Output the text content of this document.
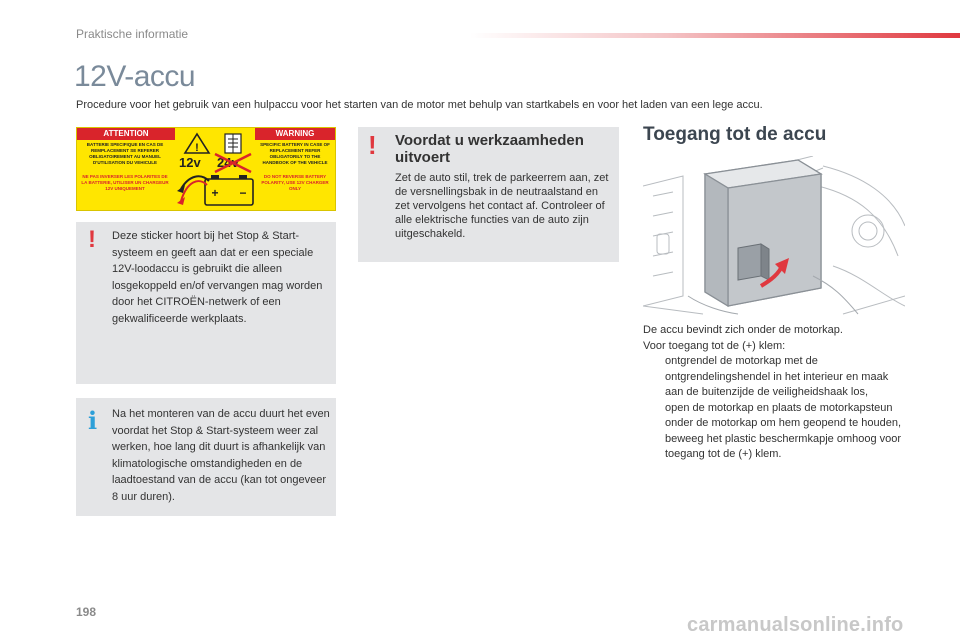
Praktische informatie
12V-accu

Procedure voor het gebruik van een hulpaccu voor het starten van de motor met behulp van startkabels en voor het laden van een lege accu.

ATTENTION	WARNING
BATTERIE SPECIFIQUE EN CAS DE REMPLACEMENT SE REFERER OBLIGATOIREMENT AU MANUEL D'UTILISATION DU VEHICULE
NE PAS INVERSER LES POLARITES DE LA BATTERIE, UTILISER UN CHARGEUR 12V UNIQUEMENT
SPECIFIC BATTERY IN CASE OF REPLACEMENT REFER OBLIGATORILY TO THE HANDBOOK OF THE VEHICLE
DO NOT REVERSE BATTERY POLARITY, USE 12V CHARGER ONLY
!
+ −
12v 24v
! Deze sticker hoort bij het Stop & Start-systeem en geeft aan dat er een speciale 12V-loodaccu is gebruikt die alleen losgekoppeld en/of vervangen mag worden door het CITROËN-netwerk of een gekwalificeerde werkplaats.

i Na het monteren van de accu duurt het even voordat het Stop & Start-systeem weer zal werken, hoe lang dit duurt is afhankelijk van klimatologische omstandigheden en de laadtoestand van de accu (kan tot ongeveer 8 uur duren).

! Voordat u werkzaamheden uitvoert

Zet de auto stil, trek de parkeerrem aan, zet de versnellingsbak in de neutraalstand en zet vervolgens het contact af. Controleer of alle elektrische functies van de auto zijn uitgeschakeld.

Toegang tot de accu

De accu bevindt zich onder de motorkap.

Voor toegang tot de (+) klem:

ontgrendel de motorkap met de ontgrendelingshendel in het interieur en maak aan de buitenzijde de veiligheidshaak los,
open de motorkap en plaats de motorkapsteun onder de motorkap om hem geopend te houden,
beweeg het plastic beschermkapje omhoog voor toegang tot de (+) klem.
198
carmanualsonline.info
